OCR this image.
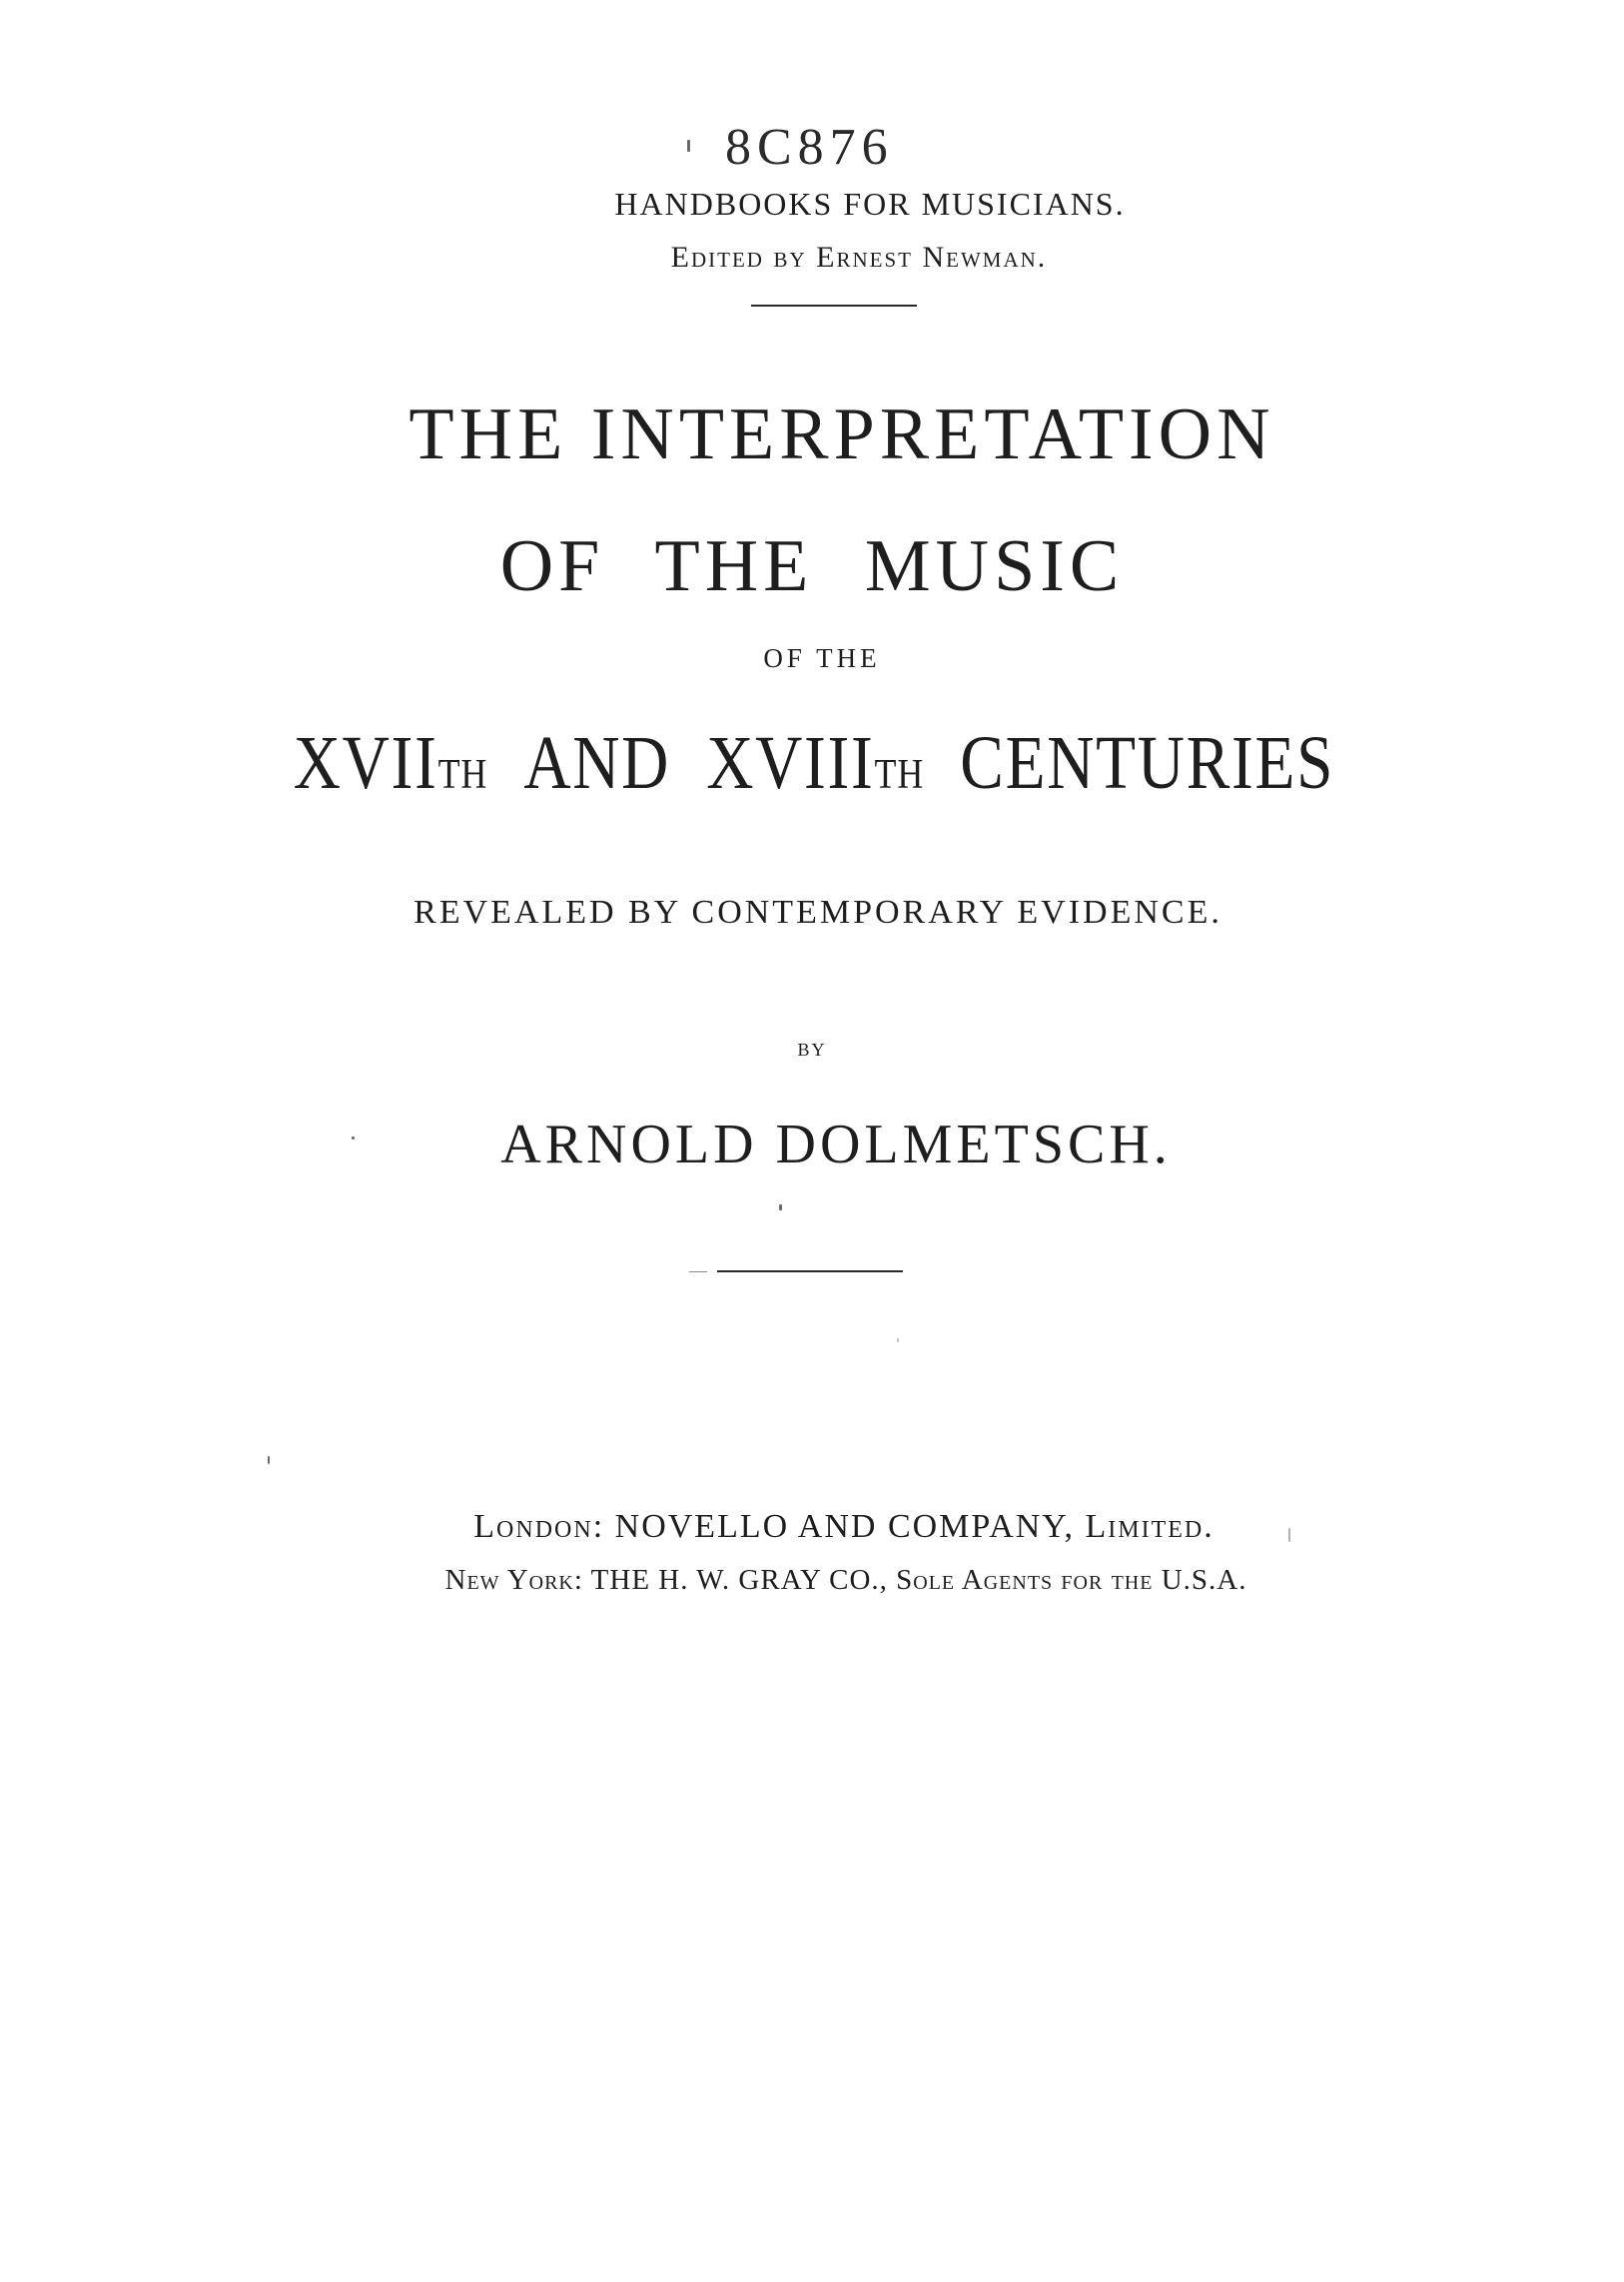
8C876
HANDBOOKS FOR MUSICIANS.
Edited by Ernest Newman.
THE INTERPRETATION
OF THE MUSIC
OF THE
XVIITH AND XVIIITH CENTURIES
REVEALED BY CONTEMPORARY EVIDENCE.
BY
ARNOLD DOLMETSCH.
London: NOVELLO AND COMPANY, Limited.
New York: THE H. W. GRAY CO., Sole Agents for the U.S.A.
